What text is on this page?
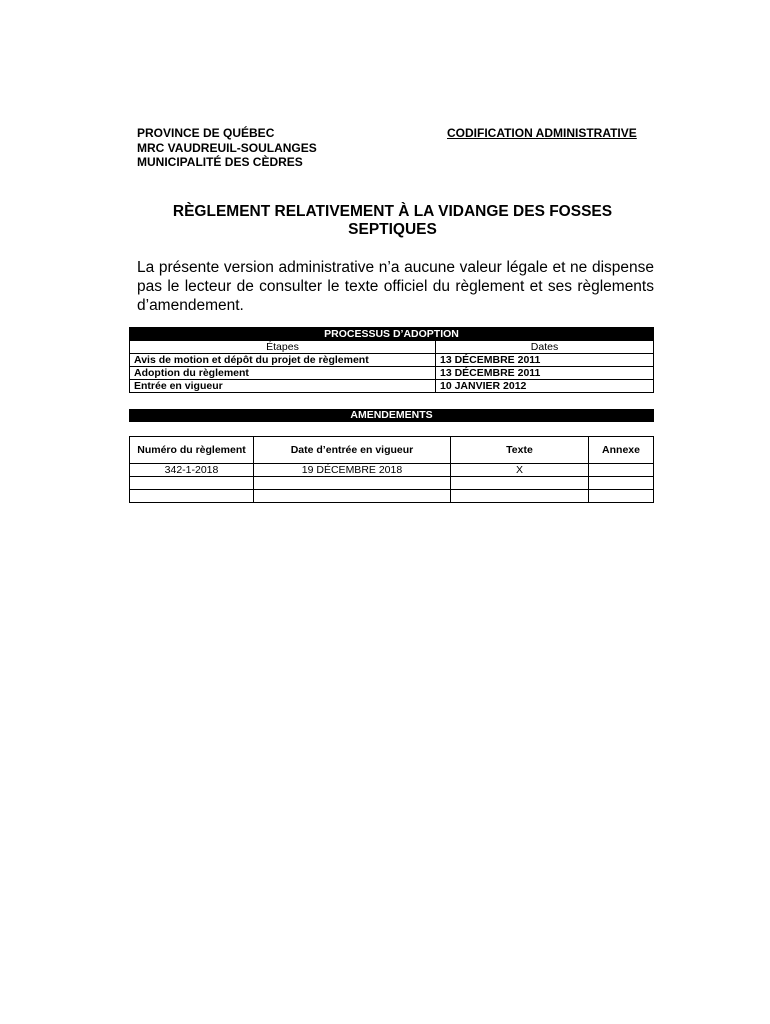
PROVINCE DE QUÉBEC
MRC VAUDREUIL-SOULANGES
MUNICIPALITÉ DES CÈDRES
CODIFICATION ADMINISTRATIVE
RÈGLEMENT RELATIVEMENT À LA VIDANGE DES FOSSES SEPTIQUES
La présente version administrative n’a aucune valeur légale et ne dispense pas le lecteur de consulter le texte officiel du règlement et ses règlements d’amendement.
PROCESSUS D’ADOPTION	
Étapes	Dates
Avis de motion et dépôt du projet de règlement	13 DÉCEMBRE 2011
Adoption du règlement	13 DÉCEMBRE 2011
Entrée en vigueur	10 JANVIER 2012
AMENDEMENTS
Numéro du règlement	Date d’entrée en vigueur	Texte	Annexe
342-1-2018	19 DÉCEMBRE 2018	X	
